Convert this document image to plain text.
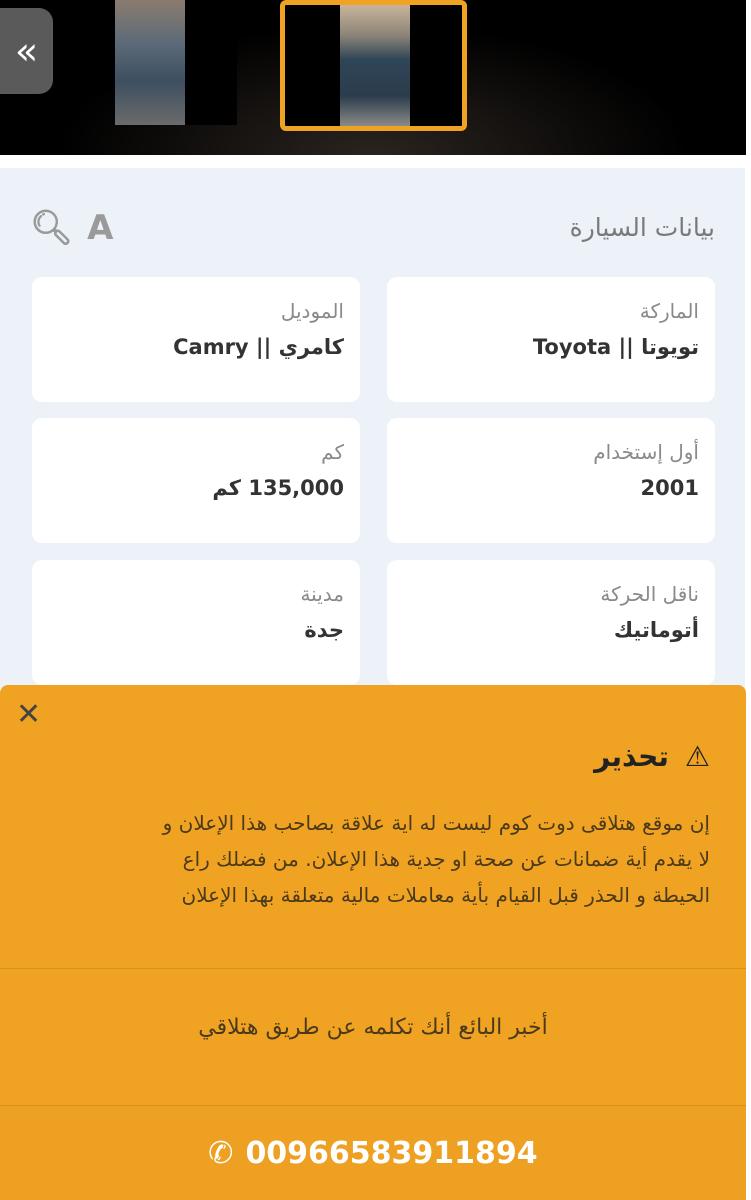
«
بيانات السيارة
🔍︎ A
الماركة
تويوتا || Toyota
الموديل
كامري || Camry
أول إستخدام
2001
كم
135,000 كم
ناقل الحركة
أتوماتيك
مدينة
جدة
✕
⚠
تحذير
إن موقع هتلاقى دوت كوم ليست له اية علاقة بصاحب هذا الإعلان و
لا يقدم أية ضمانات عن صحة او جدية هذا الإعلان. من فضلك راع
الحيطة و الحذر قبل القيام بأية معاملات مالية متعلقة بهذا الإعلان
أخبر البائع أنك تكلمه عن طريق هتلاقي
✆ 00966583911894
